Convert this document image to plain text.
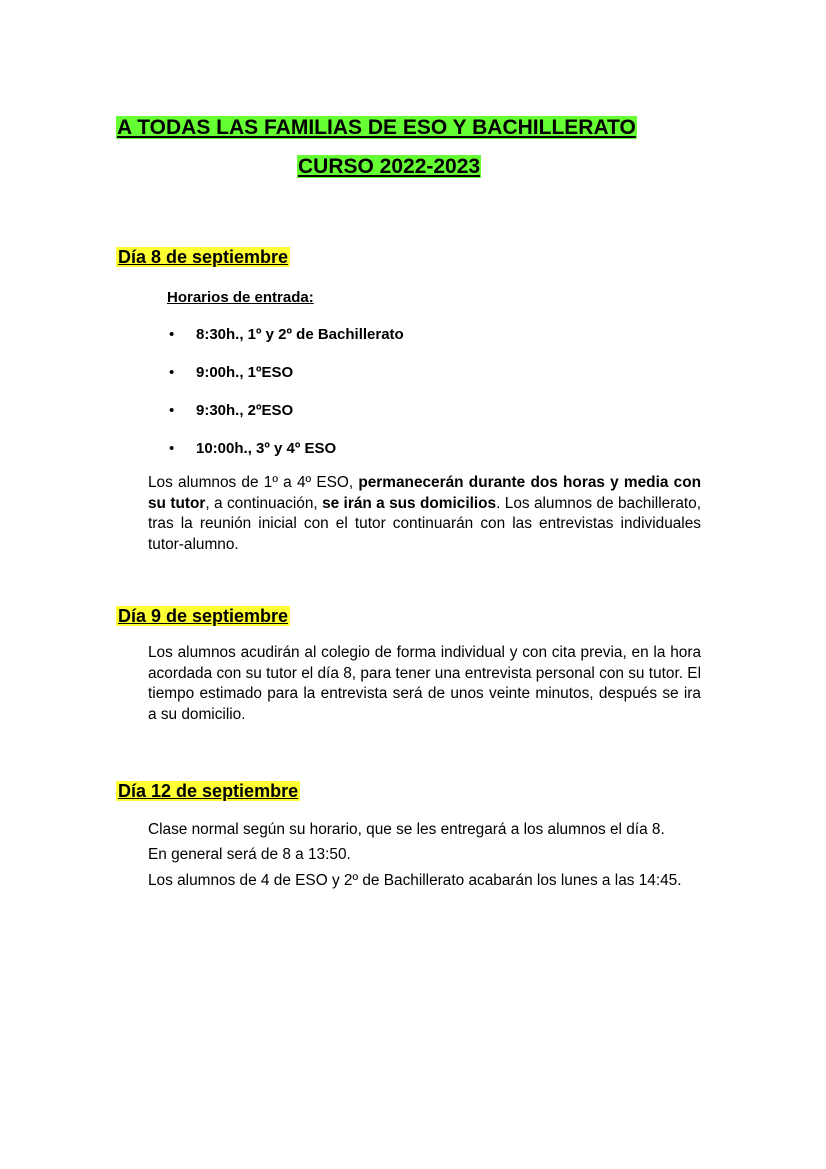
A TODAS LAS FAMILIAS DE ESO Y BACHILLERATO
CURSO 2022-2023
Día 8 de septiembre
Horarios de entrada:
• 8:30h., 1º y 2º de Bachillerato
• 9:00h., 1ºESO
• 9:30h., 2ºESO
• 10:00h., 3º y 4º ESO

Los alumnos de 1º a 4º ESO, permanecerán durante dos horas y media con su tutor, a continuación, se irán a sus domicilios. Los alumnos de bachillerato, tras la reunión inicial con el tutor continuarán con las entrevistas individuales tutor-alumno.

Día 9 de septiembre

Los alumnos acudirán al colegio de forma individual y con cita previa, en la hora acordada con su tutor el día 8, para tener una entrevista personal con su tutor. El tiempo estimado para la entrevista será de unos veinte minutos, después se ira a su domicilio.

Día 12 de septiembre
Clase normal según su horario, que se les entregará a los alumnos el día 8.
En general será de 8 a 13:50.
Los alumnos de 4 de ESO y 2º de Bachillerato acabarán los lunes a las 14:45.
